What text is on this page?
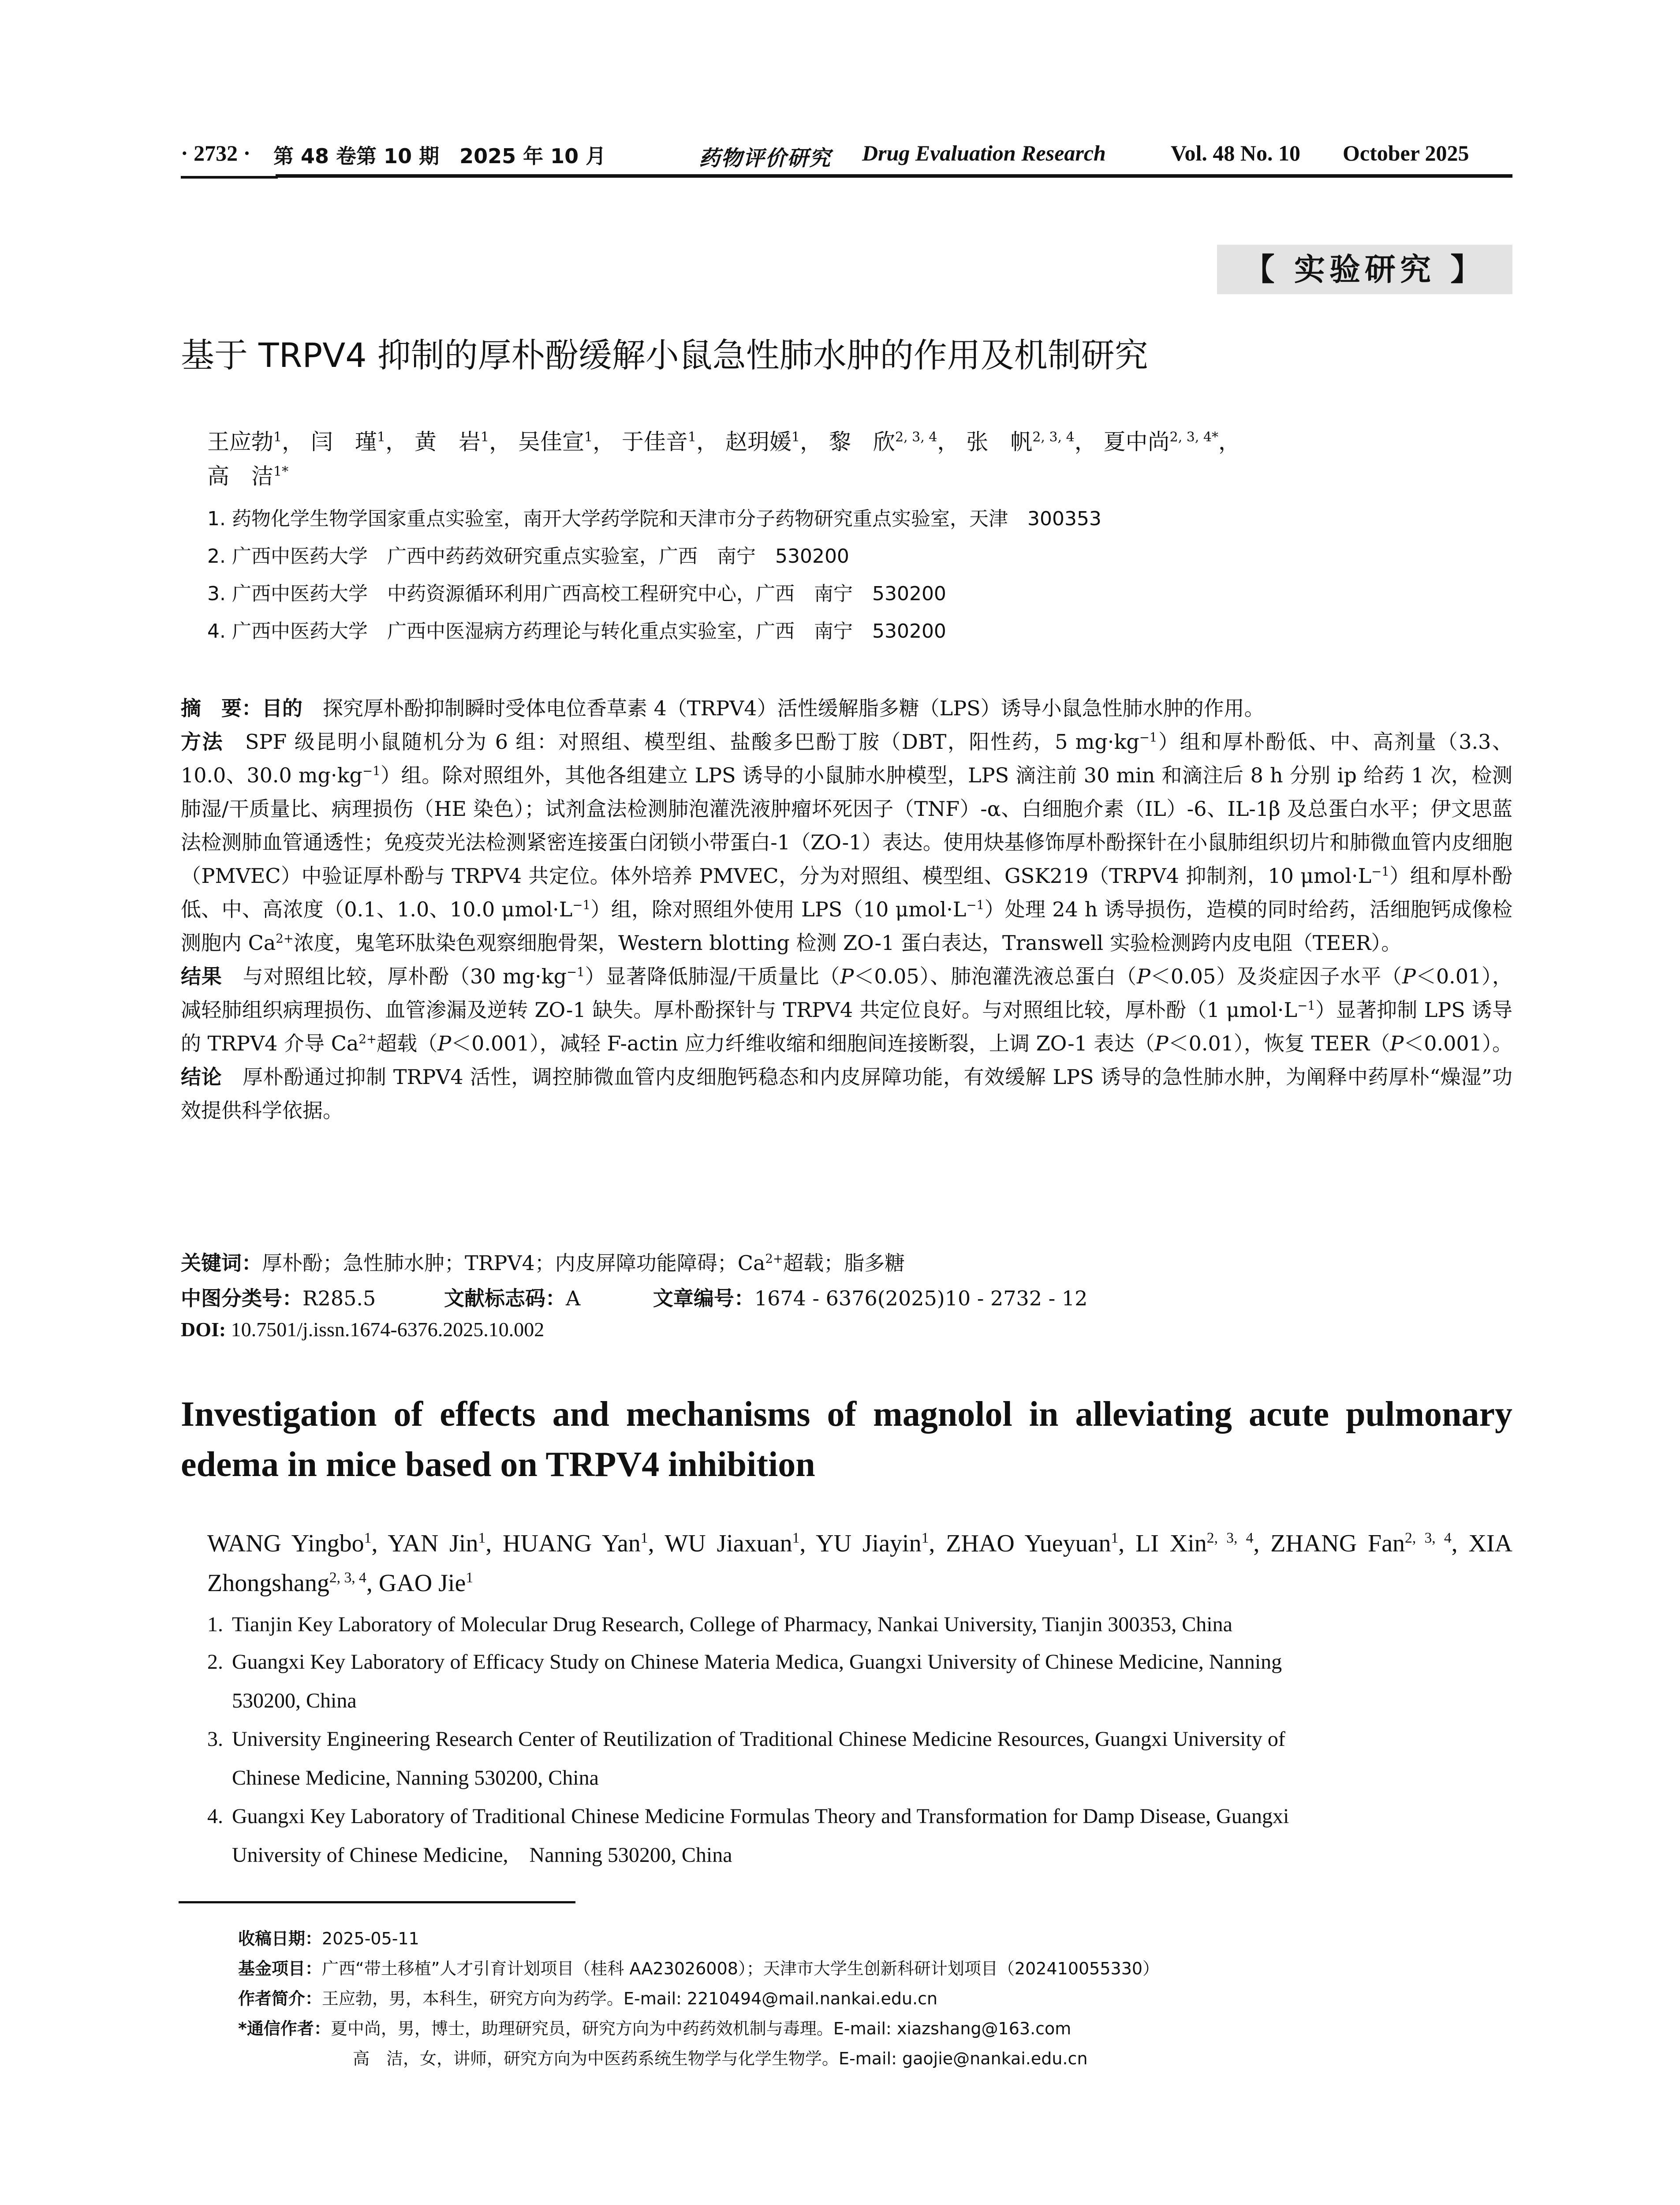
· 2732 · 第 48 卷第 10 期　2025 年 10 月	药物评价研究 Drug Evaluation Research	Vol. 48 No. 10 October 2025
【 实验研究 】
基于 TRPV4 抑制的厚朴酚缓解小鼠急性肺水肿的作用及机制研究
王应勃$^1$， 闫　瑾$^1$， 黄　岩$^1$， 吴佳宣$^1$， 于佳音$^1$， 赵玥媛$^1$， 黎　欣$^{2, 3, 4}$， 张　帆$^{2, 3, 4}$， 夏中尚$^{2, 3, 4*}$，
高　洁$^{1*}$
1. 药物化学生物学国家重点实验室，南开大学药学院和天津市分子药物研究重点实验室，天津　300353
2. 广西中医药大学　广西中药药效研究重点实验室，广西　南宁　530200
3. 广西中医药大学　中药资源循环利用广西高校工程研究中心，广西　南宁　530200
4. 广西中医药大学　广西中医湿病方药理论与转化重点实验室，广西　南宁　530200
摘　要：目的　 探究厚朴酚抑制瞬时受体电位香草素 4（TRPV4）活性缓解脂多糖（LPS）诱导小鼠急性肺水肿的作用。
方法　 SPF 级昆明小鼠随机分为 6 组：对照组、模型组、盐酸多巴酚丁胺（DBT，阳性药，5 $mg\cdot kg^{-1}$）组和厚朴酚低、中、高剂量（3.3、10.0、30.0 $mg\cdot kg^{-1}$）组。除对照组外，其他各组建立 LPS 诱导的小鼠肺水肿模型，LPS 滴注前 30 min 和滴注后 8 h 分别 ip 给药 1 次，检测肺湿/干质量比、病理损伤（HE 染色）；试剂盒法检测肺泡灌洗液肿瘤坏死因子（TNF）-α、白细胞介素（IL）-6、IL-1β 及总蛋白水平；伊文思蓝法检测肺血管通透性；免疫荧光法检测紧密连接蛋白闭锁小带蛋白-1（ZO-1）表达。使用炔基修饰厚朴酚探针在小鼠肺组织切片和肺微血管内皮细胞（PMVEC）中验证厚朴酚与 TRPV4 共定位。体外培养 PMVEC，分为对照组、模型组、GSK219（TRPV4 抑制剂，10 $\mu mol\cdot L^{-1}$）组和厚朴酚低、中、高浓度（0.1、1.0、10.0 $\mu mol\cdot L^{-1}$）组，除对照组外使用 LPS（10 $\mu mol\cdot L^{-1}$）处理 24 h 诱导损伤，造模的同时给药，活细胞钙成像检测胞内 $Ca^{2+}$浓度，鬼笔环肽染色观察细胞骨架，Western blotting 检测 ZO-1 蛋白表达，Transwell 实验检测跨内皮电阻（TEER）。
结果　 与对照组比较，厚朴酚（30 $mg\cdot kg^{-1}$）显著降低肺湿/干质量比（P＜0.05）、肺泡灌洗液总蛋白（P＜0.05）及炎症因子水平（P＜0.01），减轻肺组织病理损伤、血管渗漏及逆转 ZO-1 缺失。厚朴酚探针与 TRPV4 共定位良好。与对照组比较，厚朴酚（1 $\mu mol\cdot L^{-1}$）显著抑制 LPS 诱导的 TRPV4 介导 $Ca^{2+}$超载（P＜0.001），减轻 F-actin 应力纤维收缩和细胞间连接断裂，上调 ZO-1 表达（P＜0.01），恢复 TEER（P＜0.001）。结论　 厚朴酚通过抑制 TRPV4 活性，调控肺微血管内皮细胞钙稳态和内皮屏障功能，有效缓解 LPS 诱导的急性肺水肿，为阐释中药厚朴“燥湿”功效提供科学依据。
关键词：厚朴酚；急性肺水肿；TRPV4；内皮屏障功能障碍；$Ca^{2+}$超载；脂多糖
中图分类号：R285.5	文献标志码：A	文章编号：1674 - 6376(2025)10 - 2732 - 12
DOI: 10.7501/j.issn.1674-6376.2025.10.002
Investigation of effects and mechanisms of magnolol in alleviating acute pulmonary edema in mice based on TRPV4 inhibition
WANG Yingbo$^1$, YAN Jin$^1$, HUANG Yan$^1$, WU Jiaxuan$^1$, YU Jiayin$^1$, ZHAO Yueyuan$^1$, LI Xin$^{2, 3, 4}$, ZHANG Fan$^{2, 3, 4}$, XIA Zhongshang$^{2, 3, 4}$, GAO Jie$^1$
1. Tianjin Key Laboratory of Molecular Drug Research, College of Pharmacy, Nankai University, Tianjin 300353, China
2. Guangxi Key Laboratory of Efficacy Study on Chinese Materia Medica, Guangxi University of Chinese Medicine, Nanning
530200, China
3. University Engineering Research Center of Reutilization of Traditional Chinese Medicine Resources, Guangxi University of
Chinese Medicine, Nanning 530200, China
4. Guangxi Key Laboratory of Traditional Chinese Medicine Formulas Theory and Transformation for Damp Disease, Guangxi
University of Chinese Medicine,　Nanning 530200, China
收稿日期：2025-05-11
基金项目：广西“带土移植”人才引育计划项目（桂科 AA23026008）；天津市大学生创新科研计划项目（202410055330）
作者简介：王应勃，男，本科生，研究方向为药学。E-mail: 2210494@mail.nankai.edu.cn
*通信作者：夏中尚，男，博士，助理研究员，研究方向为中药药效机制与毒理。E-mail: xiazshang@163.com
高　洁，女，讲师，研究方向为中医药系统生物学与化学生物学。E-mail: gaojie@nankai.edu.cn
